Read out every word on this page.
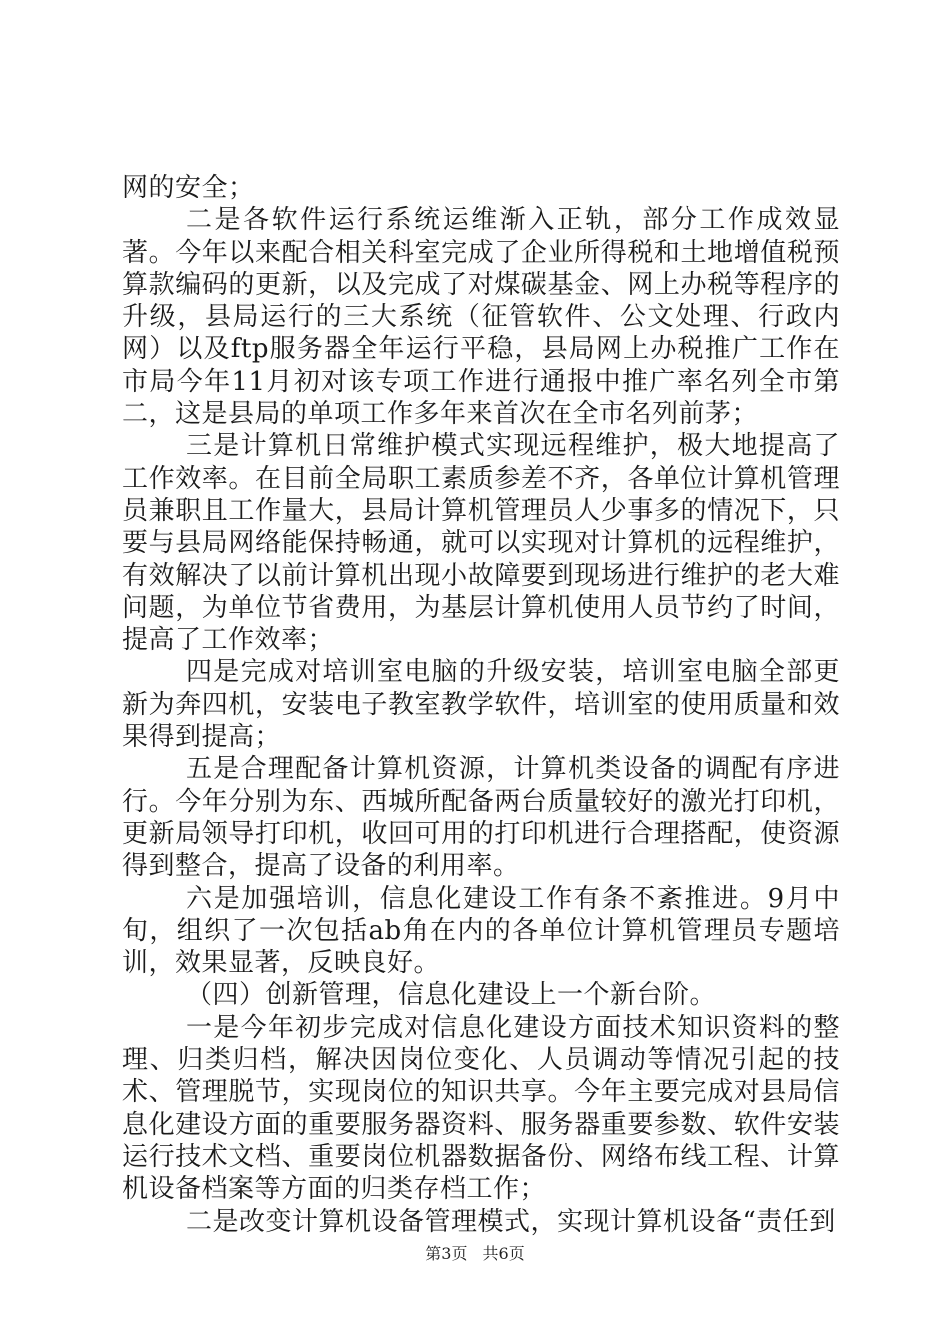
网的安全；

二是各软件运行系统运维渐入正轨，部分工作成效显著。今年以来配合相关科室完成了企业所得税和土地增值税预算款编码的更新，以及完成了对煤碳基金、网上办税等程序的升级，县局运行的三大系统（征管软件、公文处理、行政内网）以及ftp服务器全年运行平稳，县局网上办税推广工作在市局今年11月初对该专项工作进行通报中推广率名列全市第二，这是县局的单项工作多年来首次在全市名列前茅；

三是计算机日常维护模式实现远程维护，极大地提高了工作效率。在目前全局职工素质参差不齐，各单位计算机管理员兼职且工作量大，县局计算机管理员人少事多的情况下，只要与县局网络能保持畅通，就可以实现对计算机的远程维护，有效解决了以前计算机出现小故障要到现场进行维护的老大难问题，为单位节省费用，为基层计算机使用人员节约了时间，提高了工作效率；

四是完成对培训室电脑的升级安装，培训室电脑全部更新为奔四机，安装电子教室教学软件，培训室的使用质量和效果得到提高；

五是合理配备计算机资源，计算机类设备的调配有序进行。今年分别为东、西城所配备两台质量较好的激光打印机，更新局领导打印机，收回可用的打印机进行合理搭配，使资源得到整合，提高了设备的利用率。

六是加强培训，信息化建设工作有条不紊推进。9月中旬，组织了一次包括ab角在内的各单位计算机管理员专题培训，效果显著，反映良好。

（四）创新管理，信息化建设上一个新台阶。

一是今年初步完成对信息化建设方面技术知识资料的整理、归类归档，解决因岗位变化、人员调动等情况引起的技术、管理脱节，实现岗位的知识共享。今年主要完成对县局信息化建设方面的重要服务器资料、服务器重要参数、软件安装运行技术文档、重要岗位机器数据备份、网络布线工程、计算机设备档案等方面的归类存档工作；

二是改变计算机设备管理模式，实现计算机设备“责任到

第3页 共6页
